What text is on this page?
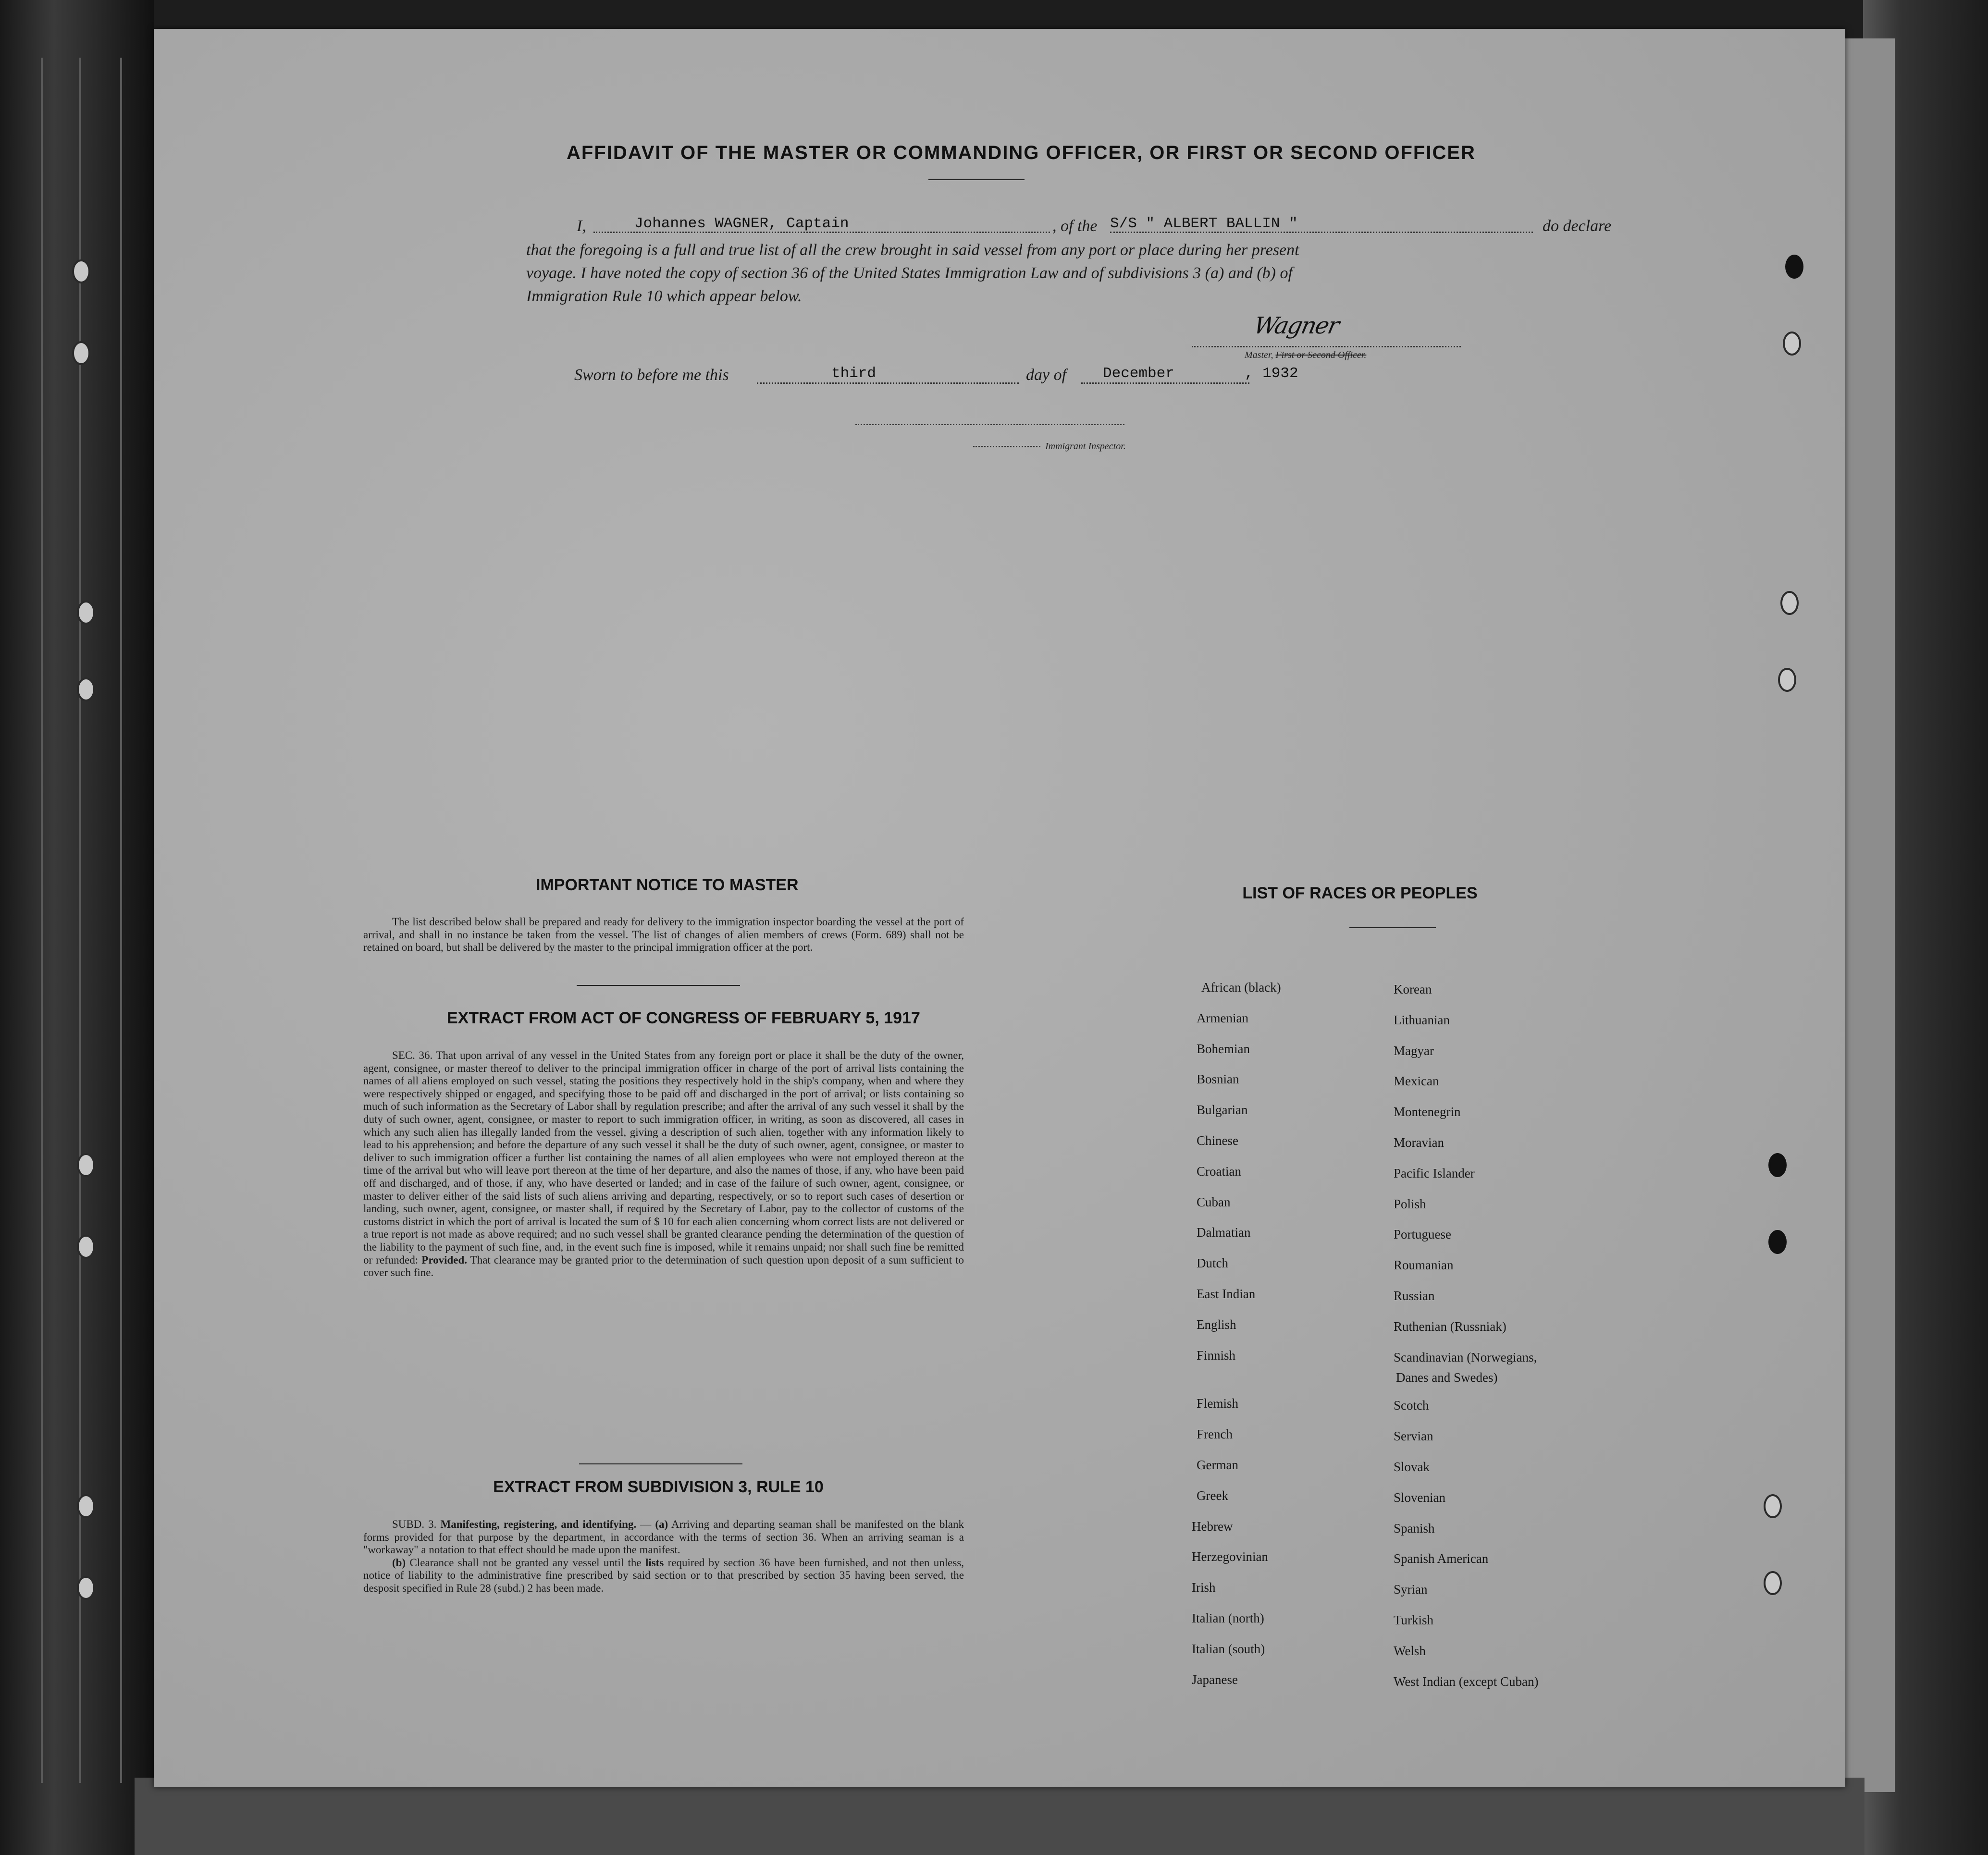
AFFIDAVIT OF THE MASTER OR COMMANDING OFFICER, OR FIRST OR SECOND OFFICER
I,	Johannes WAGNER, Captain	, of the S/S " ALBERT BALLIN "	do declare
that the foregoing is a full and true list of all the crew brought in said vessel from any port or place during her present
voyage. I have noted the copy of section 36 of the United States Immigration Law and of subdivisions 3 (a) and (b) of
Immigration Rule 10 which appear below.
Wagner
Master, First or Second Officer.
Sworn to before me this	third	day of December	, 1932
Immigrant Inspector.
IMPORTANT NOTICE TO MASTER

The list described below shall be prepared and ready for delivery to the immigration inspector boarding the vessel at the port of arrival, and shall in no instance be taken from the vessel. The list of changes of alien members of crews (Form. 689) shall not be retained on board, but shall be delivered by the master to the principal immigration officer at the port.

EXTRACT FROM ACT OF CONGRESS OF FEBRUARY 5, 1917

SEC. 36. That upon arrival of any vessel in the United States from any foreign port or place it shall be the duty of the owner, agent, consignee, or master thereof to deliver to the principal immigration officer in charge of the port of arrival lists containing the names of all aliens employed on such vessel, stating the positions they respectively hold in the ship's company, when and where they were respectively shipped or engaged, and specifying those to be paid off and discharged in the port of arrival; or lists containing so much of such information as the Secretary of Labor shall by regulation prescribe; and after the arrival of any such vessel it shall by the duty of such owner, agent, consignee, or master to report to such immigration officer, in writing, as soon as discovered, all cases in which any such alien has illegally landed from the vessel, giving a description of such alien, together with any information likely to lead to his apprehension; and before the departure of any such vessel it shall be the duty of such owner, agent, consignee, or master to deliver to such immigration officer a further list containing the names of all alien employees who were not employed thereon at the time of the arrival but who will leave port thereon at the time of her departure, and also the names of those, if any, who have been paid off and discharged, and of those, if any, who have deserted or landed; and in case of the failure of such owner, agent, consignee, or master to deliver either of the said lists of such aliens arriving and departing, respectively, or so to report such cases of desertion or landing, such owner, agent, consignee, or master shall, if required by the Secretary of Labor, pay to the collector of customs of the customs district in which the port of arrival is located the sum of $ 10 for each alien concerning whom correct lists are not delivered or a true report is not made as above required; and no such vessel shall be granted clearance pending the determination of the question of the liability to the payment of such fine, and, in the event such fine is imposed, while it remains unpaid; nor shall such fine be remitted or refunded: Provided. That clearance may be granted prior to the determination of such question upon deposit of a sum sufficient to cover such fine.

EXTRACT FROM SUBDIVISION 3, RULE 10

SUBD. 3. Manifesting, registering, and identifying. — (a) Arriving and departing seaman shall be manifested on the blank forms provided for that purpose by the department, in accordance with the terms of section 36. When an arriving seaman is a "workaway" a notation to that effect should be made upon the manifest.

(b) Clearance shall not be granted any vessel until the lists required by section 36 have been furnished, and not then unless, notice of liability to the administrative fine prescribed by said section or to that prescribed by section 35 having been served, the desposit specified in Rule 28 (subd.) 2 has been made.

LIST OF RACES OR PEOPLES
African (black)
Armenian
Bohemian
Bosnian
Bulgarian
Chinese
Croatian
Cuban
Dalmatian
Dutch
East Indian
English
Finnish
Flemish
French
German
Greek
Hebrew
Herzegovinian
Irish
Italian (north)
Italian (south)
Japanese
Korean
Lithuanian
Magyar
Mexican
Montenegrin
Moravian
Pacific Islander
Polish
Portuguese
Roumanian
Russian
Ruthenian (Russniak)
Scandinavian (Norwegians,
Danes and Swedes)
Scotch
Servian
Slovak
Slovenian
Spanish
Spanish American
Syrian
Turkish
Welsh
West Indian (except Cuban)
